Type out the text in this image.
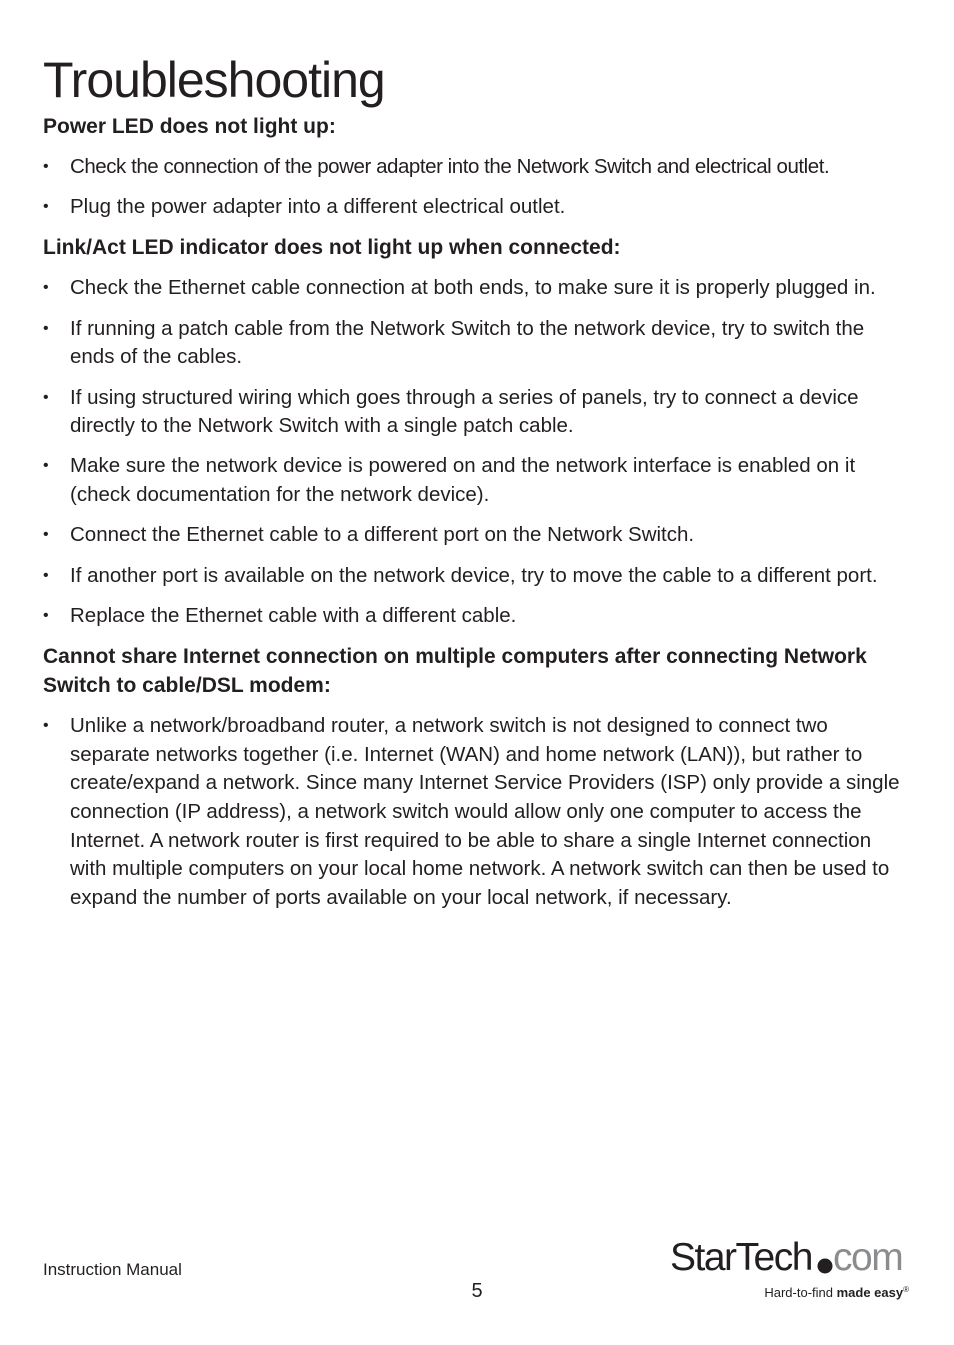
Troubleshooting
Power LED does not light up:
• Check the connection of the power adapter into the Network Switch and electrical outlet.
• Plug the power adapter into a different electrical outlet.
Link/Act LED indicator does not light up when connected:
• Check the Ethernet cable connection at both ends, to make sure it is properly plugged in.
• If running a patch cable from the Network Switch to the network device, try to switch the ends of the cables.
• If using structured wiring which goes through a series of panels, try to connect a device directly to the Network Switch with a single patch cable.
• Make sure the network device is powered on and the network interface is enabled on it (check documentation for the network device).
• Connect the Ethernet cable to a different port on the Network Switch.
• If another port is available on the network device, try to move the cable to a different port.
• Replace the Ethernet cable with a different cable.
Cannot share Internet connection on multiple computers after connecting Network Switch to cable/DSL modem:
• Unlike a network/broadband router, a network switch is not designed to connect two separate networks together (i.e. Internet (WAN) and home network (LAN)), but rather to create/expand a network. Since many Internet Service Providers (ISP) only provide a single connection (IP address), a network switch would allow only one computer to access the Internet. A network router is first required to be able to share a single Internet connection with multiple computers on your local home network. A network switch can then be used to expand the number of ports available on your local network, if necessary.
Instruction Manual
5
StarTech com
Hard-to-find made easy®
